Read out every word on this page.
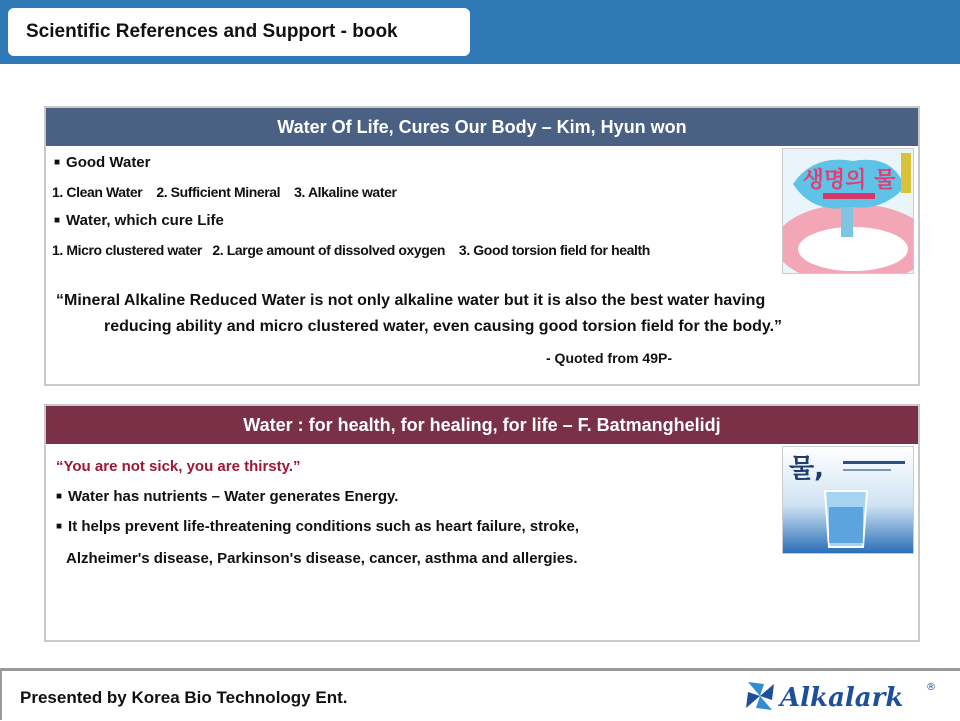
Scientific References and Support - book
Water Of Life, Cures Our Body – Kim, Hyun won
■ Good Water
1. Clean Water    2. Sufficient Mineral    3. Alkaline water
■ Water, which cure Life
1. Micro clustered water   2. Large amount of dissolved oxygen    3. Good torsion field for health
“Mineral Alkaline Reduced Water is not only alkaline water but it is also the best water having
reducing ability and micro clustered water, even causing good torsion field for the body.”
- Quoted from 49P-
생명의 물
Water : for health, for healing, for life – F. Batmanghelidj
“You are not sick, you are thirsty.”
■ Water has nutrients – Water generates Energy.
■ It helps prevent life-threatening conditions such as heart failure, stroke,
Alzheimer's disease, Parkinson's disease, cancer, asthma and allergies.
물,
Presented by Korea Bio Technology Ent.	Alkalark ®
